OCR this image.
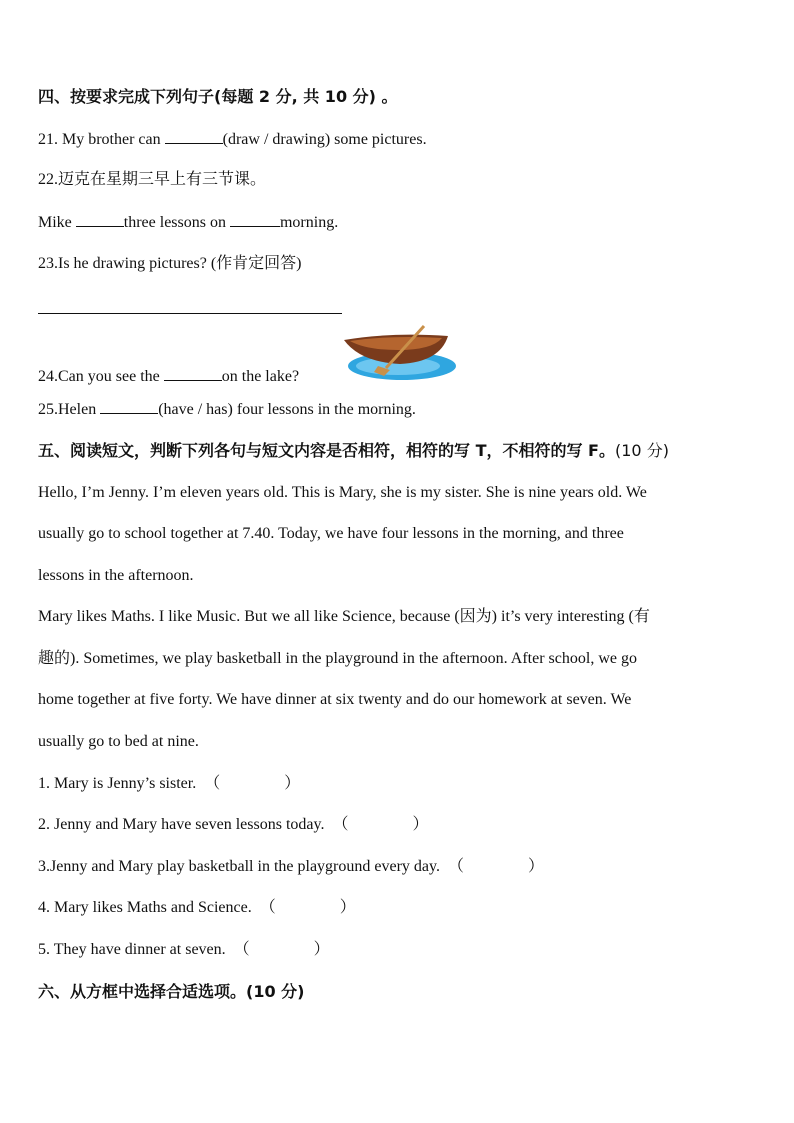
四、按要求完成下列句子(每题 2 分, 共 10 分) 。
21. My brother can	(draw / drawing) some pictures.
22.迈克在星期三早上有三节课。
Mike	three lessons on	morning.
23.Is he drawing pictures? (作肯定回答)
24.Can you see the	on the lake?
25.Helen	(have / has) four lessons in the morning.
五、阅读短文，判断下列各句与短文内容是否相符，相符的写 T，不相符的写 F。(10 分)
Hello, I’m Jenny. I’m eleven years old. This is Mary, she is my sister. She is nine years old. We
usually go to school together at 7.40. Today, we have four lessons in the morning, and three
lessons in the afternoon.
Mary likes Maths. I like Music. But we all like Science, because (因为) it’s very interesting (有
趣的). Sometimes, we play basketball in the playground in the afternoon. After school, we go
home together at five forty. We have dinner at six twenty and do our homework at seven. We
usually go to bed at nine.
1. Mary is Jenny’s sister. （	）
2. Jenny and Mary have seven lessons today. （	）
3.Jenny and Mary play basketball in the playground every day. （	）
4. Mary likes Maths and Science. （	）
5. They have dinner at seven. （	）
六、从方框中选择合适选项。(10 分)
